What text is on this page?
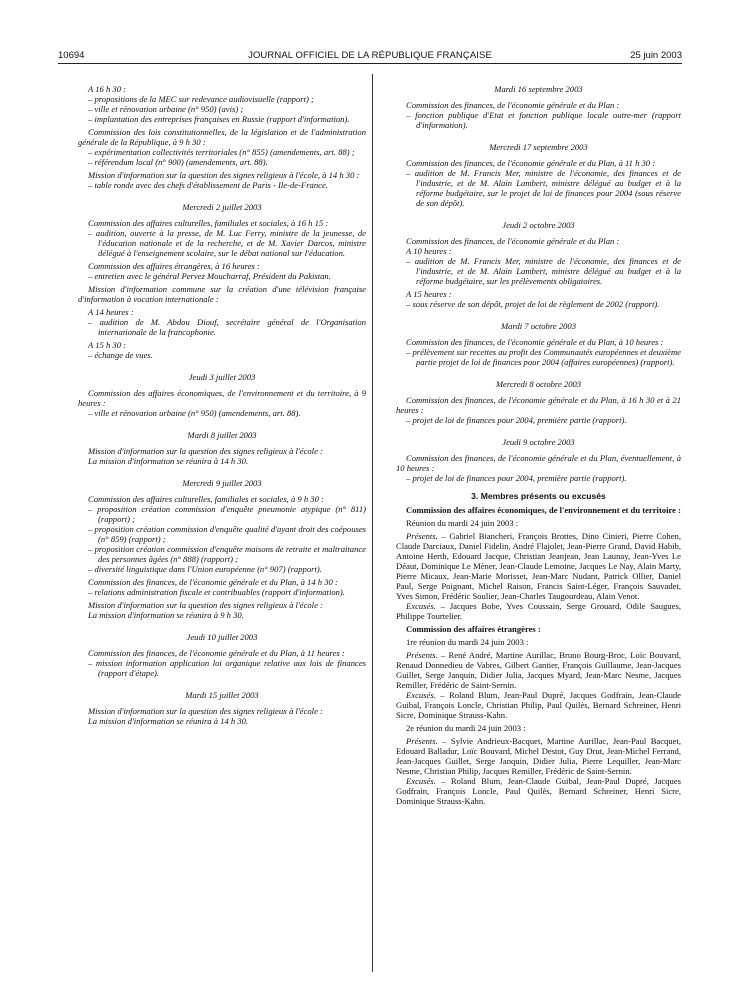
10694	JOURNAL OFFICIEL DE LA RÉPUBLIQUE FRANÇAISE	25 juin 2003

A 16 h 30 :

– propositions de la MEC sur redevance audiovisuelle (rapport) ;

– ville et rénovation urbaine (n° 950) (avis) ;

– implantation des entreprises françaises en Russie (rapport d'information).

Commission des lois constitutionnelles, de la législation et de l'administration générale de la République, à 9 h 30 :

– expérimentation collectivités territoriales (n° 855) (amendements, art. 88) ;

– référendum local (n° 900) (amendements, art. 88).

Mission d'information sur la question des signes religieux à l'école, à 14 h 30 :

– table ronde avec des chefs d'établissement de Paris - Ile-de-France.

Mercredi 2 juillet 2003

Commission des affaires culturelles, familiales et sociales, à 16 h 15 :

– audition, ouverte à la presse, de M. Luc Ferry, ministre de la jeunesse, de l'éducation nationale et de la recherche, et de M. Xavier Darcos, ministre délégué à l'enseignement scolaire, sur le débat national sur l'éducation.

Commission des affaires étrangères, à 16 heures :

– entretien avec le général Pervez Moucharraf, Président du Pakistan.

Mission d'information commune sur la création d'une télévision française d'information à vocation internationale :

A 14 heures :

– audition de M. Abdou Diouf, secrétaire général de l'Organisation internationale de la francophonie.

A 15 h 30 :

– échange de vues.

Jeudi 3 juillet 2003

Commission des affaires économiques, de l'environnement et du territoire, à 9 heures :

– ville et rénovation urbaine (n° 950) (amendements, art. 88).

Mardi 8 juillet 2003

Mission d'information sur la question des signes religieux à l'école :

La mission d'information se réunira à 14 h 30.

Mercredi 9 juillet 2003

Commission des affaires culturelles, familiales et sociales, à 9 h 30 :

– proposition création commission d'enquête pneumonie atypique (n° 811) (rapport) ;

– proposition création commission d'enquête qualité d'ayant droit des coépouses (n° 859) (rapport) ;

– proposition création commission d'enquête maisons de retraite et maltraitance des personnes âgées (n° 888) (rapport) ;

– diversité linguistique dans l'Union européenne (n° 907) (rapport).

Commission des finances, de l'économie générale et du Plan, à 14 h 30 :

– relations administration fiscale et contribuables (rapport d'information).

Mission d'information sur la question des signes religieux à l'école :

La mission d'information se réunira à 9 h 30.

Jeudi 10 juillet 2003

Commission des finances, de l'économie générale et du Plan, à 11 heures :

– mission information application loi organique relative aux lois de finances (rapport d'étape).

Mardi 15 juillet 2003

Mission d'information sur la question des signes religieux à l'école :

La mission d'information se réunira à 14 h 30.

Mardi 16 septembre 2003

Commission des finances, de l'économie générale et du Plan :

– fonction publique d'Etat et fonction publique locale outre-mer (rapport d'information).

Mercredi 17 septembre 2003

Commission des finances, de l'économie générale et du Plan, à 11 h 30 :

– audition de M. Francis Mer, ministre de l'économie, des finances et de l'industrie, et de M. Alain Lambert, ministre délégué au budget et à la réforme budgétaire, sur le projet de loi de finances pour 2004 (sous réserve de son dépôt).

Jeudi 2 octobre 2003

Commission des finances, de l'économie générale et du Plan :

A 10 heures :

– audition de M. Francis Mer, ministre de l'économie, des finances et de l'industrie, et de M. Alain Lambert, ministre délégué au budget et à la réforme budgétaire, sur les prélèvements obligatoires.

A 15 heures :

– sous réserve de son dépôt, projet de loi de règlement de 2002 (rapport).

Mardi 7 octobre 2003

Commission des finances, de l'économie générale et du Plan, à 10 heures :

– prélèvement sur recettes au profit des Communautés européennes et deuxième partie projet de loi de finances pour 2004 (affaires européennes) (rapport).

Mercredi 8 octobre 2003

Commission des finances, de l'économie générale et du Plan, à 16 h 30 et à 21 heures :

– projet de loi de finances pour 2004, première partie (rapport).

Jeudi 9 octobre 2003

Commission des finances, de l'économie générale et du Plan, éventuellement, à 10 heures :

– projet de loi de finances pour 2004, première partie (rapport).

3. Membres présents ou excusés

Commission des affaires économiques, de l'environnement et du territoire :

Réunion du mardi 24 juin 2003 :

Présents. – Gabriel Biancheri, François Brottes, Dino Cinieri, Pierre Cohen, Claude Darciaux, Daniel Fidelin, André Flajolet, Jean-Pierre Grand, David Habib, Antoine Herth, Edouard Jacque, Christian Jeanjean, Jean Launay, Jean-Yves Le Déaut, Dominique Le Mèner, Jean-Claude Lemoine, Jacques Le Nay, Alain Marty, Pierre Micaux, Jean-Marie Morisset, Jean-Marc Nudant, Patrick Ollier, Daniel Paul, Serge Poignant, Michel Raison, Francis Saint-Léger, François Sauvadet, Yves Simon, Frédéric Soulier, Jean-Charles Taugourdeau, Alain Venot.

Excusés. – Jacques Bobe, Yves Coussain, Serge Grouard, Odile Saugues, Philippe Tourtelier.

Commission des affaires étrangères :

1re réunion du mardi 24 juin 2003 :

Présents. – René André, Martine Aurillac, Bruno Bourg-Broc, Loïc Bouvard, Renaud Donnedieu de Vabres, Gilbert Gantier, François Guillaume, Jean-Jacques Guillet, Serge Janquin, Didier Julia, Jacques Myard, Jean-Marc Nesme, Jacques Remiller, Frédéric de Saint-Sernin.

Excusés. – Roland Blum, Jean-Paul Dupré, Jacques Godfrain, Jean-Claude Guibal, François Loncle, Christian Philip, Paul Quilès, Bernard Schreiner, Henri Sicre, Dominique Strauss-Kahn.

2e réunion du mardi 24 juin 2003 :

Présents. – Sylvie Andrieux-Bacquet, Martine Aurillac, Jean-Paul Bacquet, Edouard Balladur, Loïc Bouvard, Michel Destot, Guy Drut, Jean-Michel Ferrand, Jean-Jacques Guillet, Serge Janquin, Didier Julia, Pierre Lequiller, Jean-Marc Nesme, Christian Philip, Jacques Remiller, Frédéric de Saint-Sernin.

Excusés. – Roland Blum, Jean-Claude Guibal, Jean-Paul Dupré, Jacques Godfrain, François Loncle, Paul Quilès, Bernard Schreiner, Henri Sicre, Dominique Strauss-Kahn.
